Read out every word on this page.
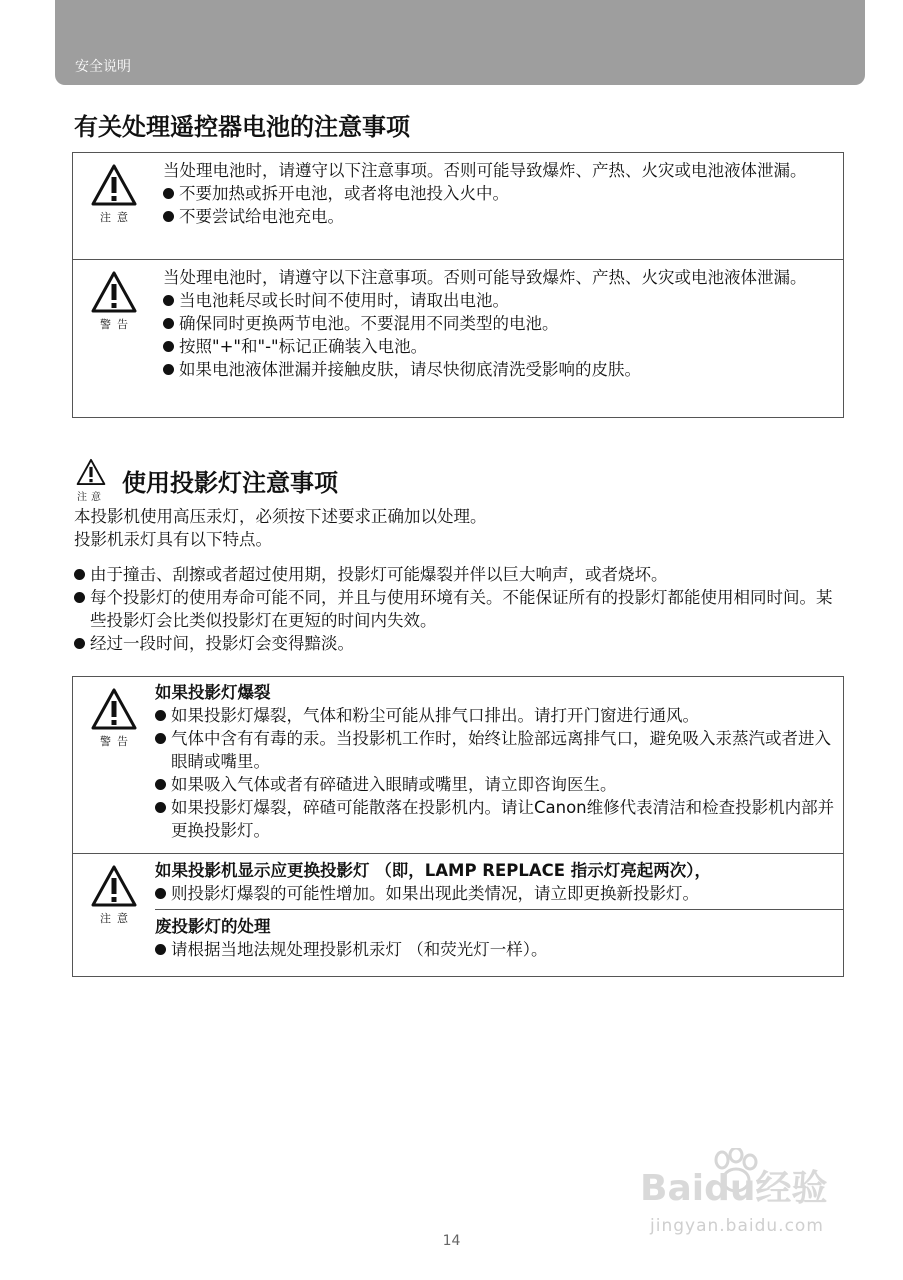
安全说明
有关处理遥控器电池的注意事项
注意

当处理电池时，请遵守以下注意事项。否则可能导致爆炸、产热、火灾或电池液体泄漏。

不要加热或拆开电池，或者将电池投入火中。
不要尝试给电池充电。
警告

当处理电池时，请遵守以下注意事项。否则可能导致爆炸、产热、火灾或电池液体泄漏。

当电池耗尽或长时间不使用时，请取出电池。
确保同时更换两节电池。不要混用不同类型的电池。
按照"+"和"-"标记正确装入电池。
如果电池液体泄漏并接触皮肤，请尽快彻底清洗受影响的皮肤。
注意
使用投影灯注意事项
本投影机使用高压汞灯，必须按下述要求正确加以处理。
投影机汞灯具有以下特点。
由于撞击、刮擦或者超过使用期，投影灯可能爆裂并伴以巨大响声，或者烧坏。
每个投影灯的使用寿命可能不同，并且与使用环境有关。不能保证所有的投影灯都能使用相同时间。某些投影灯会比类似投影灯在更短的时间内失效。
经过一段时间，投影灯会变得黯淡。
警告
如果投影灯爆裂
如果投影灯爆裂，气体和粉尘可能从排气口排出。请打开门窗进行通风。
气体中含有有毒的汞。当投影机工作时，始终让脸部远离排气口，避免吸入汞蒸汽或者进入眼睛或嘴里。
如果吸入气体或者有碎碴进入眼睛或嘴里，请立即咨询医生。
如果投影灯爆裂，碎碴可能散落在投影机内。请让Canon维修代表清洁和检查投影机内部并更换投影灯。
注意
如果投影机显示应更换投影灯 （即，LAMP REPLACE 指示灯亮起两次），
则投影灯爆裂的可能性增加。如果出现此类情况，请立即更换新投影灯。
废投影灯的处理
请根据当地法规处理投影机汞灯 （和荧光灯一样）。
Baidu经验
jingyan.baidu.com
14
